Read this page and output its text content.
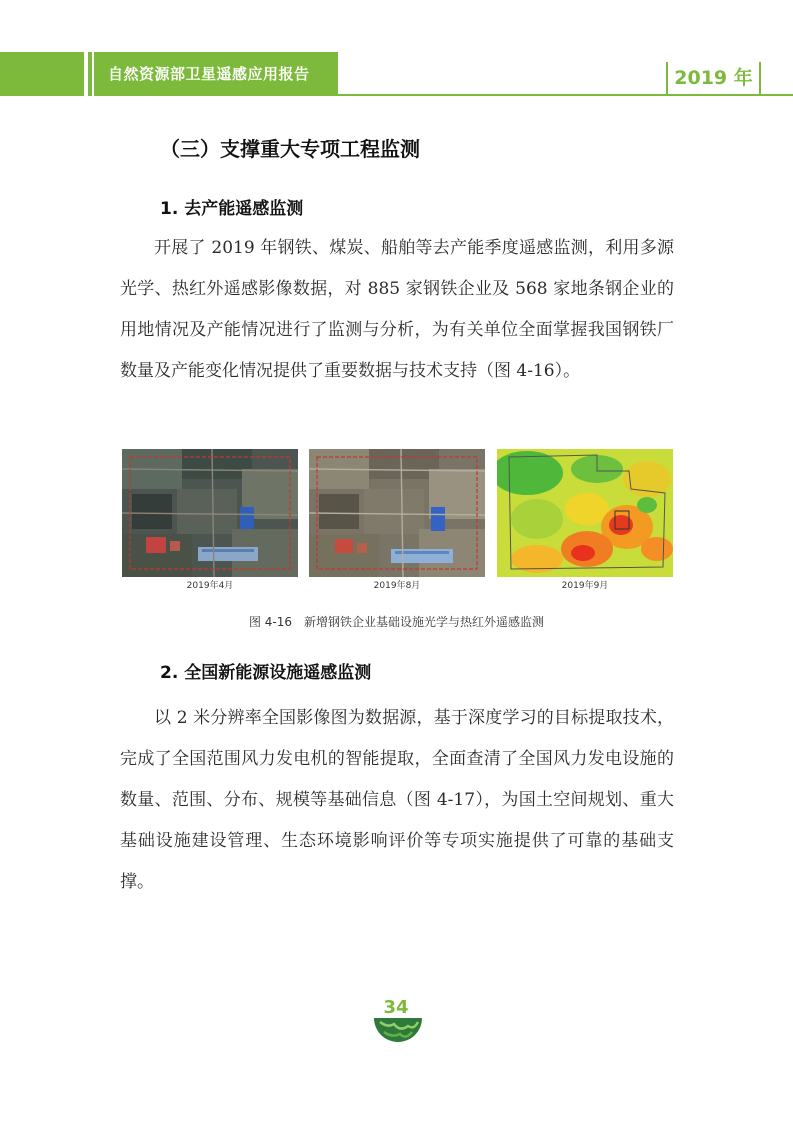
自然资源部卫星遥感应用报告	2019 年
（三）支撑重大专项工程监测
1. 去产能遥感监测

开展了 2019 年钢铁、煤炭、船舶等去产能季度遥感监测，利用多源光学、热红外遥感影像数据，对 885 家钢铁企业及 568 家地条钢企业的用地情况及产能情况进行了监测与分析，为有关单位全面掌握我国钢铁厂数量及产能变化情况提供了重要数据与技术支持（图 4-16）。

2019年4月	2019年8月	2019年9月
图 4-16 新增钢铁企业基础设施光学与热红外遥感监测
2. 全国新能源设施遥感监测

以 2 米分辨率全国影像图为数据源，基于深度学习的目标提取技术，完成了全国范围风力发电机的智能提取，全面查清了全国风力发电设施的数量、范围、分布、规模等基础信息（图 4-17），为国土空间规划、重大基础设施建设管理、生态环境影响评价等专项实施提供了可靠的基础支撑。

34
